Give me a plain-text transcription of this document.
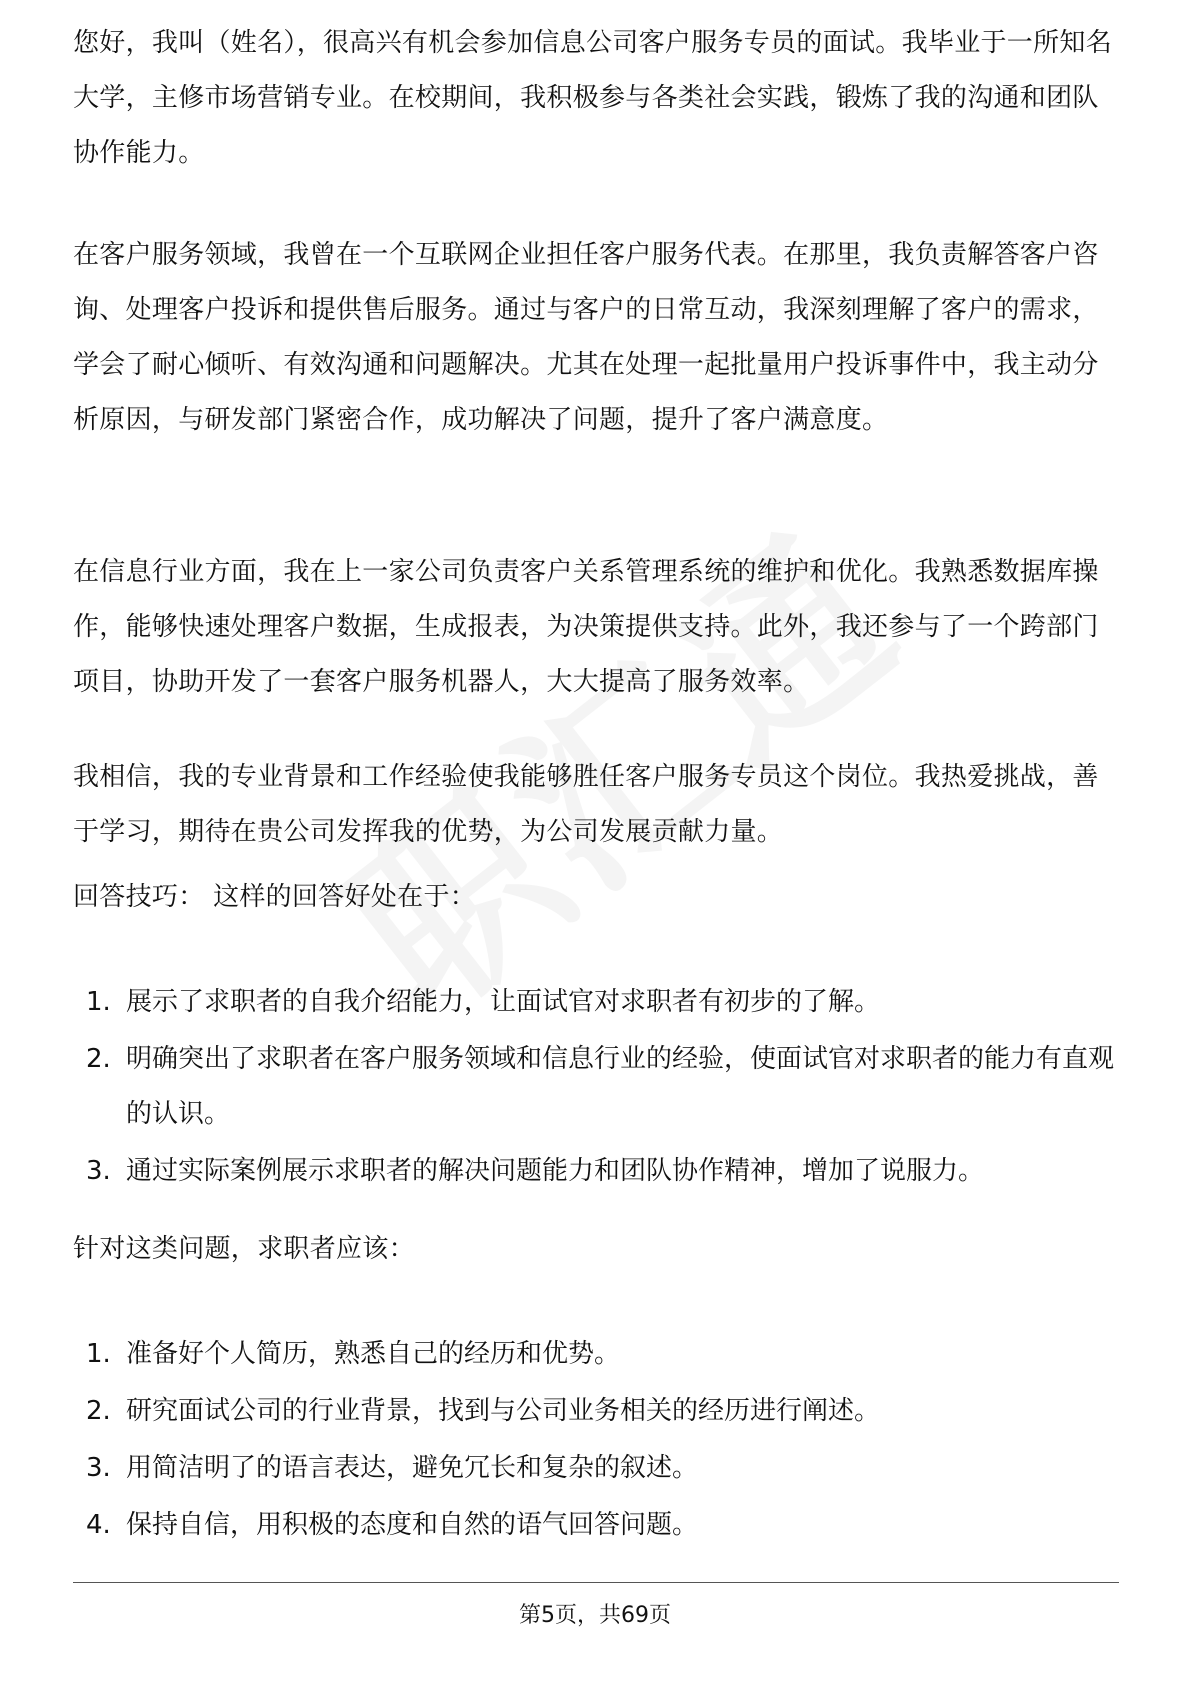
您好，我叫（姓名），很高兴有机会参加信息公司客户服务专员的面试。我毕业于一所知名大学，主修市场营销专业。在校期间，我积极参与各类社会实践，锻炼了我的沟通和团队协作能力。

在客户服务领域，我曾在一个互联网企业担任客户服务代表。在那里，我负责解答客户咨询、处理客户投诉和提供售后服务。通过与客户的日常互动，我深刻理解了客户的需求，学会了耐心倾听、有效沟通和问题解决。尤其在处理一起批量用户投诉事件中，我主动分析原因，与研发部门紧密合作，成功解决了问题，提升了客户满意度。

在信息行业方面，我在上一家公司负责客户关系管理系统的维护和优化。我熟悉数据库操作，能够快速处理客户数据，生成报表，为决策提供支持。此外，我还参与了一个跨部门项目，协助开发了一套客户服务机器人，大大提高了服务效率。

我相信，我的专业背景和工作经验使我能够胜任客户服务专员这个岗位。我热爱挑战，善于学习，期待在贵公司发挥我的优势，为公司发展贡献力量。

回答技巧： 这样的回答好处在于：

1. 展示了求职者的自我介绍能力，让面试官对求职者有初步的了解。
2. 明确突出了求职者在客户服务领域和信息行业的经验，使面试官对求职者的能力有直观的认识。
3. 通过实际案例展示求职者的解决问题能力和团队协作精神，增加了说服力。

针对这类问题，求职者应该：

1. 准备好个人简历，熟悉自己的经历和优势。
2. 研究面试公司的行业背景，找到与公司业务相关的经历进行阐述。
3. 用简洁明了的语言表达，避免冗长和复杂的叙述。
4. 保持自信，用积极的态度和自然的语气回答问题。
第5页，共69页
